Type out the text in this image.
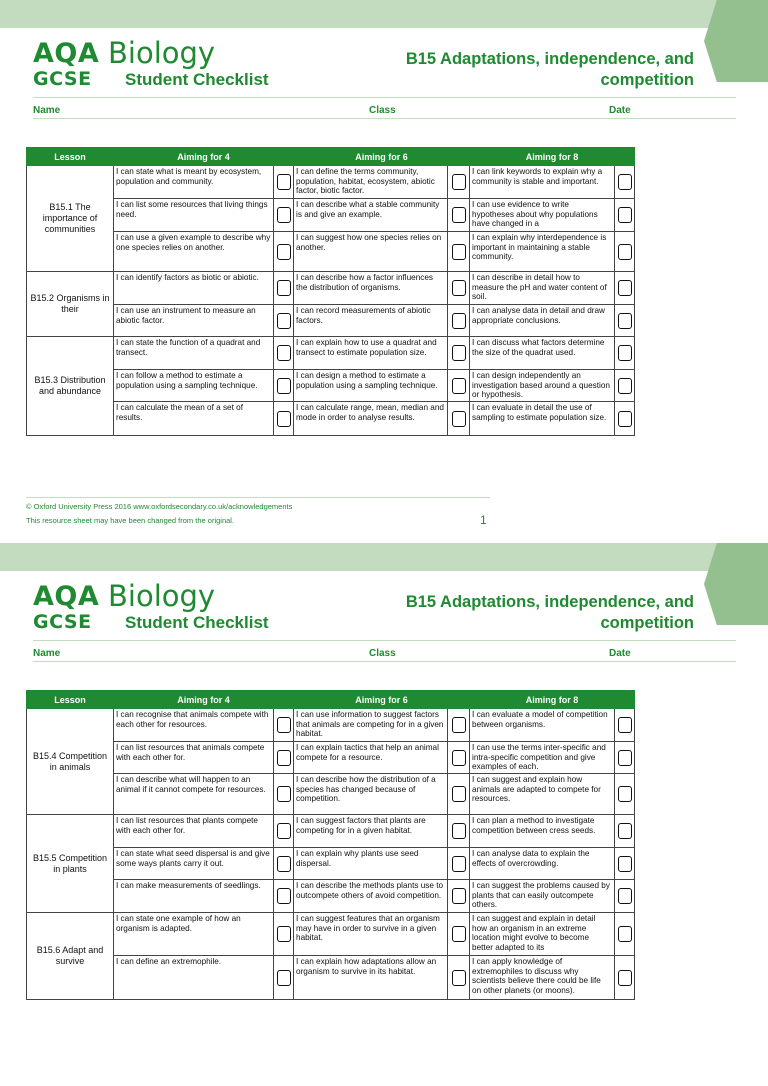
AQA Biology
GCSE Student Checklist
B15 Adaptations, independence, and
competition
Name	Class	Date
Lesson	Aiming for 4		Aiming for 6		Aiming for 8	
B15.1 The importance of communities	I can state what is meant by ecosystem, population and community.		I can define the terms community, population, habitat, ecosystem, abiotic factor, biotic factor.		I can link keywords to explain why a community is stable and important.	
	I can list some resources that living things need.		I can describe what a stable community is and give an example.		I can use evidence to write hypotheses about why populations have changed in a	
	I can use a given example to describe why one species relies on another.		I can suggest how one species relies on another.		I can explain why interdependence is important in maintaining a stable community.	
B15.2 Organisms in their	I can identify factors as biotic or abiotic.		I can describe how a factor influences the distribution of organisms.		I can describe in detail how to measure the pH and water content of soil.	
	I can use an instrument to measure an abiotic factor.		I can record measurements of abiotic factors.		I can analyse data in detail and draw appropriate conclusions.	
B15.3 Distribution and abundance	I can state the function of a quadrat and transect.		I can explain how to use a quadrat and transect to estimate population size.		I can discuss what factors determine the size of the quadrat used.	
	I can follow a method to estimate a population using a sampling technique.		I can design a method to estimate a population using a sampling technique.		I can design independently an investigation based around a question or hypothesis.	
	I can calculate the mean of a set of results.		I can calculate range, mean, median and mode in order to analyse results.		I can evaluate in detail the use of sampling to estimate population size.	
© Oxford University Press 2016 www.oxfordsecondary.co.uk/acknowledgements
This resource sheet may have been changed from the original.	1
AQA Biology
GCSE Student Checklist
B15 Adaptations, independence, and
competition
Name	Class	Date
Lesson	Aiming for 4		Aiming for 6		Aiming for 8	
B15.4 Competition in animals	I can recognise that animals compete with each other for resources.		I can use information to suggest factors that animals are competing for in a given habitat.		I can evaluate a model of competition between organisms.	
	I can list resources that animals compete with each other for.		I can explain tactics that help an animal compete for a resource.		I can use the terms inter-specific and intra-specific competition and give examples of each.	
	I can describe what will happen to an animal if it cannot compete for resources.		I can describe how the distribution of a species has changed because of competition.		I can suggest and explain how animals are adapted to compete for resources.	
B15.5 Competition in plants	I can list resources that plants compete with each other for.		I can suggest factors that plants are competing for in a given habitat.		I can plan a method to investigate competition between cress seeds.	
	I can state what seed dispersal is and give some ways plants carry it out.		I can explain why plants use seed dispersal.		I can analyse data to explain the effects of overcrowding.	
	I can make measurements of seedlings.		I can describe the methods plants use to outcompete others of avoid competition.		I can suggest the problems caused by plants that can easily outcompete others.	
B15.6 Adapt and survive	I can state one example of how an organism is adapted.		I can suggest features that an organism may have in order to survive in a given habitat.		I can suggest and explain in detail how an organism in an extreme location might evolve to become better adapted to its	
	I can define an extremophile.		I can explain how adaptations allow an organism to survive in its habitat.		I can apply knowledge of extremophiles to discuss why scientists believe there could be life on other planets (or moons).	
